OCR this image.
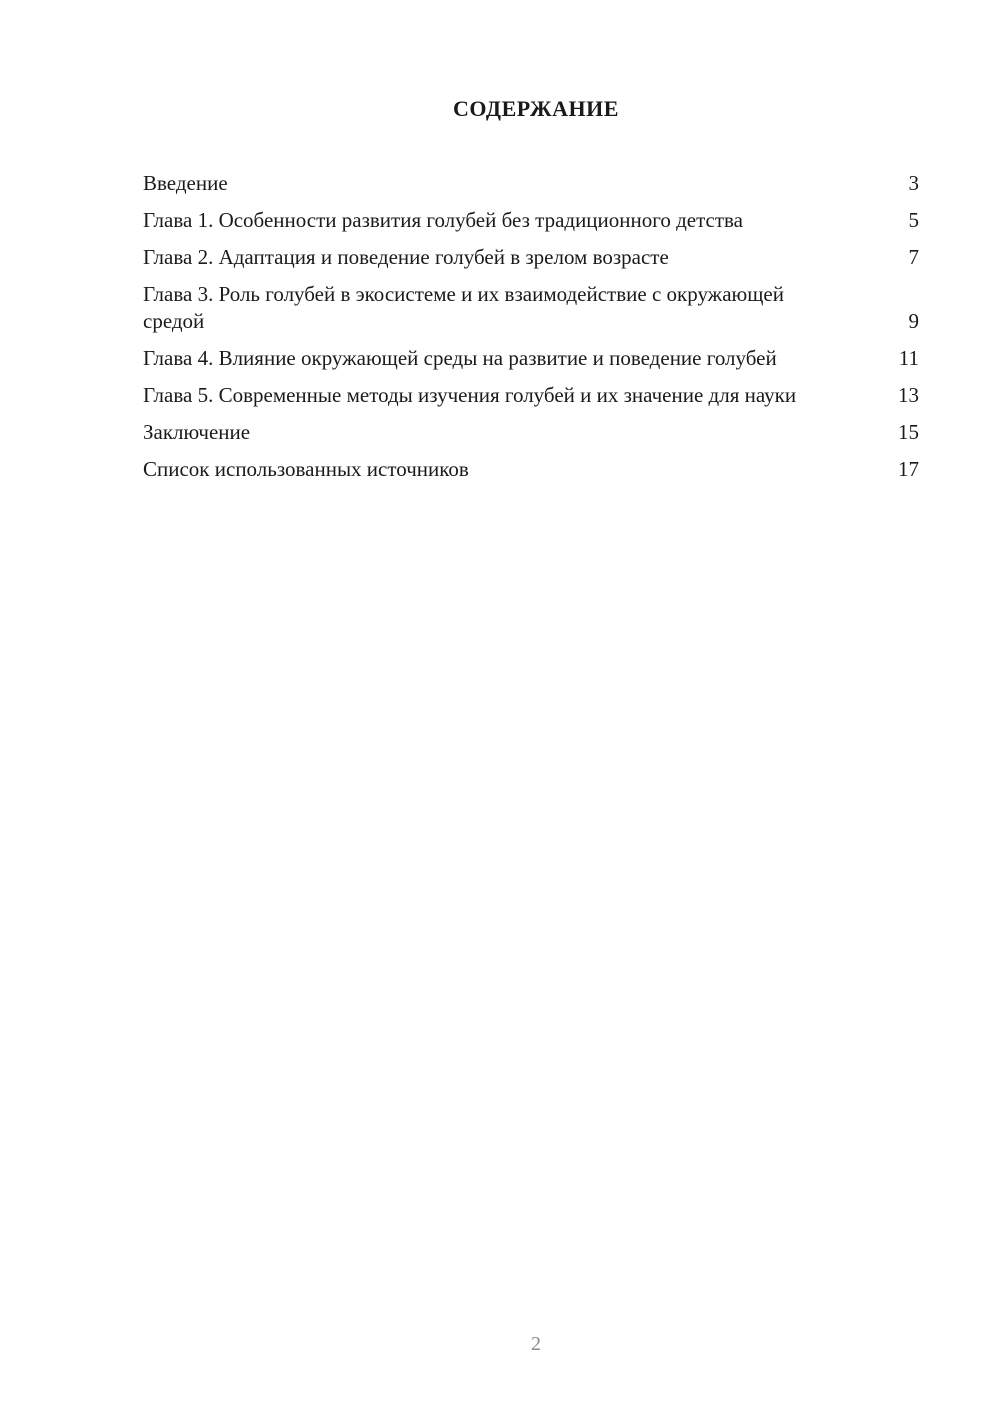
СОДЕРЖАНИЕ
Введение	3
Глава 1. Особенности развития голубей без традиционного детства	5
Глава 2. Адаптация и поведение голубей в зрелом возрасте	7
Глава 3. Роль голубей в экосистеме и их взаимодействие с окружающей средой	9
Глава 4. Влияние окружающей среды на развитие и поведение голубей	11
Глава 5. Современные методы изучения голубей и их значение для науки	13
Заключение	15
Список использованных источников	17
2
